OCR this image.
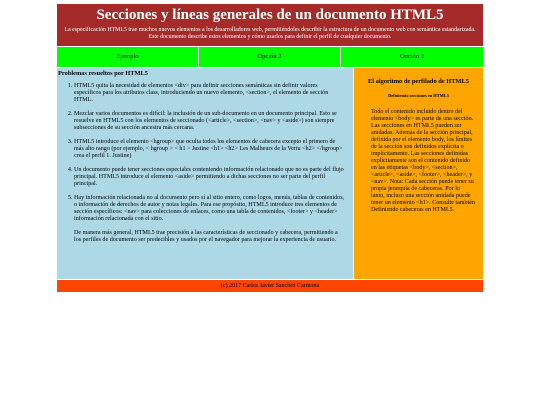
Secciones y líneas generales de un documento HTML5

La especificación HTML5 trae muchos nuevos elementos a los desarrolladores web, permitiéndoles describir la estructura de un documento web con semántica estandarizada. Este documento describe estos elementos y cómo usarlos para definir el perfil de cualquier documento.

Ejemplo	Opción 2	Opción 3
Problemas resueltos por HTML5
1. HTML5 quita la necesidad de elementos <div> para definir secciones semánticas sin definir valores específicos para los atributos class, introduciendo un nuevo elemento, <section>, el elemento de sección HTML.
2. Mezclar varios documentos es difícil: la inclusión de un sub-documento en un documento principal. Esto se resuelve en HTML5 con los elementos de seccionado (<article>, <section>, <nav> y <aside>) son siempre subsecciones de su sección ancestra más cercana.
3. HTML5 introduce el elemento <hgroup> que oculta todos los elementos de cabecera excepto el primero de más alto rango (por ejemplo, < hgroup > < h1 > Justine <h1> <h2> Les Malheurs de la Vertu <h2> </hgroup> crea el perfil 1. Justine)
4. Un documento puede tener secciones especiales conteniendo información relacionado que no es parte del flujo principal. HTML5 introduce el elemento <aside> permitiendo a dichas secciones no ser parte del perfil principal.
5. Hay información relacionada no al documento pero sí al sitio entero, como logos, menús, tablas de contenidos, o información de derechos de autor y notas legales. Para ese propósito, HTML5 introduce tres elementos de sección específicos: <nav> para colecciones de enlaces, como una tabla de contenidos, <footer> y <header> información relacionada con el sitio.

De manera más general, HTML5 trae precisión a las características de seccionado y cabecera, permitiendo a los perfiles de documento ser predecibles y usados por el navegador para mejorar la experiencia de usuario.

El algoritmo de perfilado de HTML5
Definiendo secciones en HTML5

Todo el contenido incluido dentro del elemento <body> es parte de una sección. Las secciones en HTML5 pueden ser anidadas. Además de la sección principal, definida por el elemento body, los límites de la sección son definidos explícita o implícitamente. Las secciones definidas explícitamente son el contenido definido en las etiquetas <body>, <section>, <article>, <aside>, <footer>, <header>, y <nav>. Nota: Cada sección puede tener su propia jerarquía de cabeceras. Por lo tanto, incluso una sección anidada puede tener un elemento <h1>. Consulte también Definiendo cabeceras en HTML5.

(c) 2017 Carlos Javier Sanchez Carmona
